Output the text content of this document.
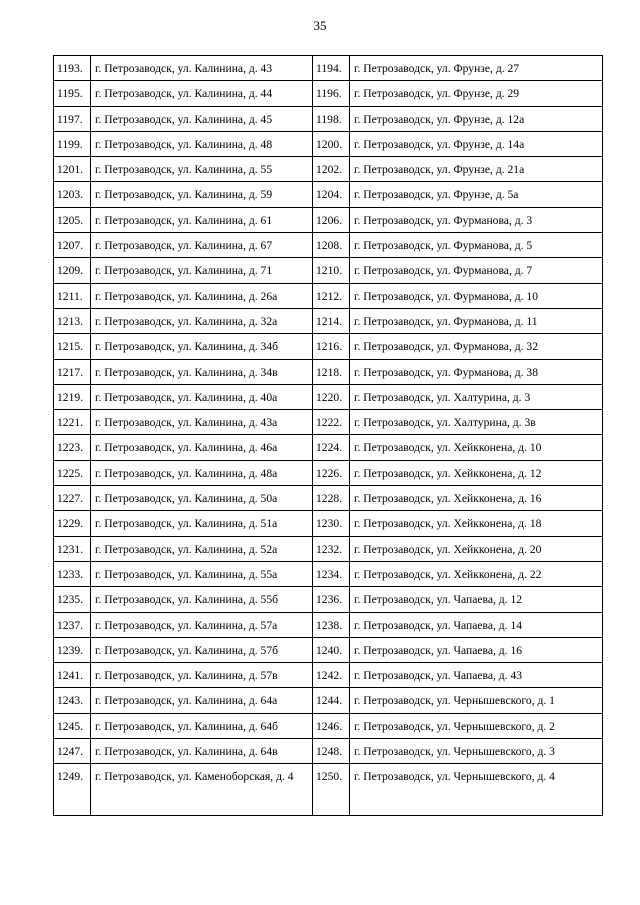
35
1193.	г. Петрозаводск, ул. Калинина, д. 43	1194.	г. Петрозаводск, ул. Фрунзе, д. 27
1195.	г. Петрозаводск, ул. Калинина, д. 44	1196.	г. Петрозаводск, ул. Фрунзе, д. 29
1197.	г. Петрозаводск, ул. Калинина, д. 45	1198.	г. Петрозаводск, ул. Фрунзе, д. 12а
1199.	г. Петрозаводск, ул. Калинина, д. 48	1200.	г. Петрозаводск, ул. Фрунзе, д. 14а
1201.	г. Петрозаводск, ул. Калинина, д. 55	1202.	г. Петрозаводск, ул. Фрунзе, д. 21а
1203.	г. Петрозаводск, ул. Калинина, д. 59	1204.	г. Петрозаводск, ул. Фрунзе, д. 5а
1205.	г. Петрозаводск, ул. Калинина, д. 61	1206.	г. Петрозаводск, ул. Фурманова, д. 3
1207.	г. Петрозаводск, ул. Калинина, д. 67	1208.	г. Петрозаводск, ул. Фурманова, д. 5
1209.	г. Петрозаводск, ул. Калинина, д. 71	1210.	г. Петрозаводск, ул. Фурманова, д. 7
1211.	г. Петрозаводск, ул. Калинина, д. 26а	1212.	г. Петрозаводск, ул. Фурманова, д. 10
1213.	г. Петрозаводск, ул. Калинина, д. 32а	1214.	г. Петрозаводск, ул. Фурманова, д. 11
1215.	г. Петрозаводск, ул. Калинина, д. 34б	1216.	г. Петрозаводск, ул. Фурманова, д. 32
1217.	г. Петрозаводск, ул. Калинина, д. 34в	1218.	г. Петрозаводск, ул. Фурманова, д. 38
1219.	г. Петрозаводск, ул. Калинина, д. 40а	1220.	г. Петрозаводск, ул. Халтурина, д. 3
1221.	г. Петрозаводск, ул. Калинина, д. 43а	1222.	г. Петрозаводск, ул. Халтурина, д. 3в
1223.	г. Петрозаводск, ул. Калинина, д. 46а	1224.	г. Петрозаводск, ул. Хейкконена, д. 10
1225.	г. Петрозаводск, ул. Калинина, д. 48а	1226.	г. Петрозаводск, ул. Хейкконена, д. 12
1227.	г. Петрозаводск, ул. Калинина, д. 50а	1228.	г. Петрозаводск, ул. Хейкконена, д. 16
1229.	г. Петрозаводск, ул. Калинина, д. 51а	1230.	г. Петрозаводск, ул. Хейкконена, д. 18
1231.	г. Петрозаводск, ул. Калинина, д. 52а	1232.	г. Петрозаводск, ул. Хейкконена, д. 20
1233.	г. Петрозаводск, ул. Калинина, д. 55а	1234.	г. Петрозаводск, ул. Хейкконена, д. 22
1235.	г. Петрозаводск, ул. Калинина, д. 55б	1236.	г. Петрозаводск, ул. Чапаева, д. 12
1237.	г. Петрозаводск, ул. Калинина, д. 57а	1238.	г. Петрозаводск, ул. Чапаева, д. 14
1239.	г. Петрозаводск, ул. Калинина, д. 57б	1240.	г. Петрозаводск, ул. Чапаева, д. 16
1241.	г. Петрозаводск, ул. Калинина, д. 57в	1242.	г. Петрозаводск, ул. Чапаева, д. 43
1243.	г. Петрозаводск, ул. Калинина, д. 64а	1244.	г. Петрозаводск, ул. Чернышевского, д. 1
1245.	г. Петрозаводск, ул. Калинина, д. 64б	1246.	г. Петрозаводск, ул. Чернышевского, д. 2
1247.	г. Петрозаводск, ул. Калинина, д. 64в	1248.	г. Петрозаводск, ул. Чернышевского, д. 3
1249.	г. Петрозаводск, ул. Каменоборская, д. 4	1250.	г. Петрозаводск, ул. Чернышевского, д. 4
